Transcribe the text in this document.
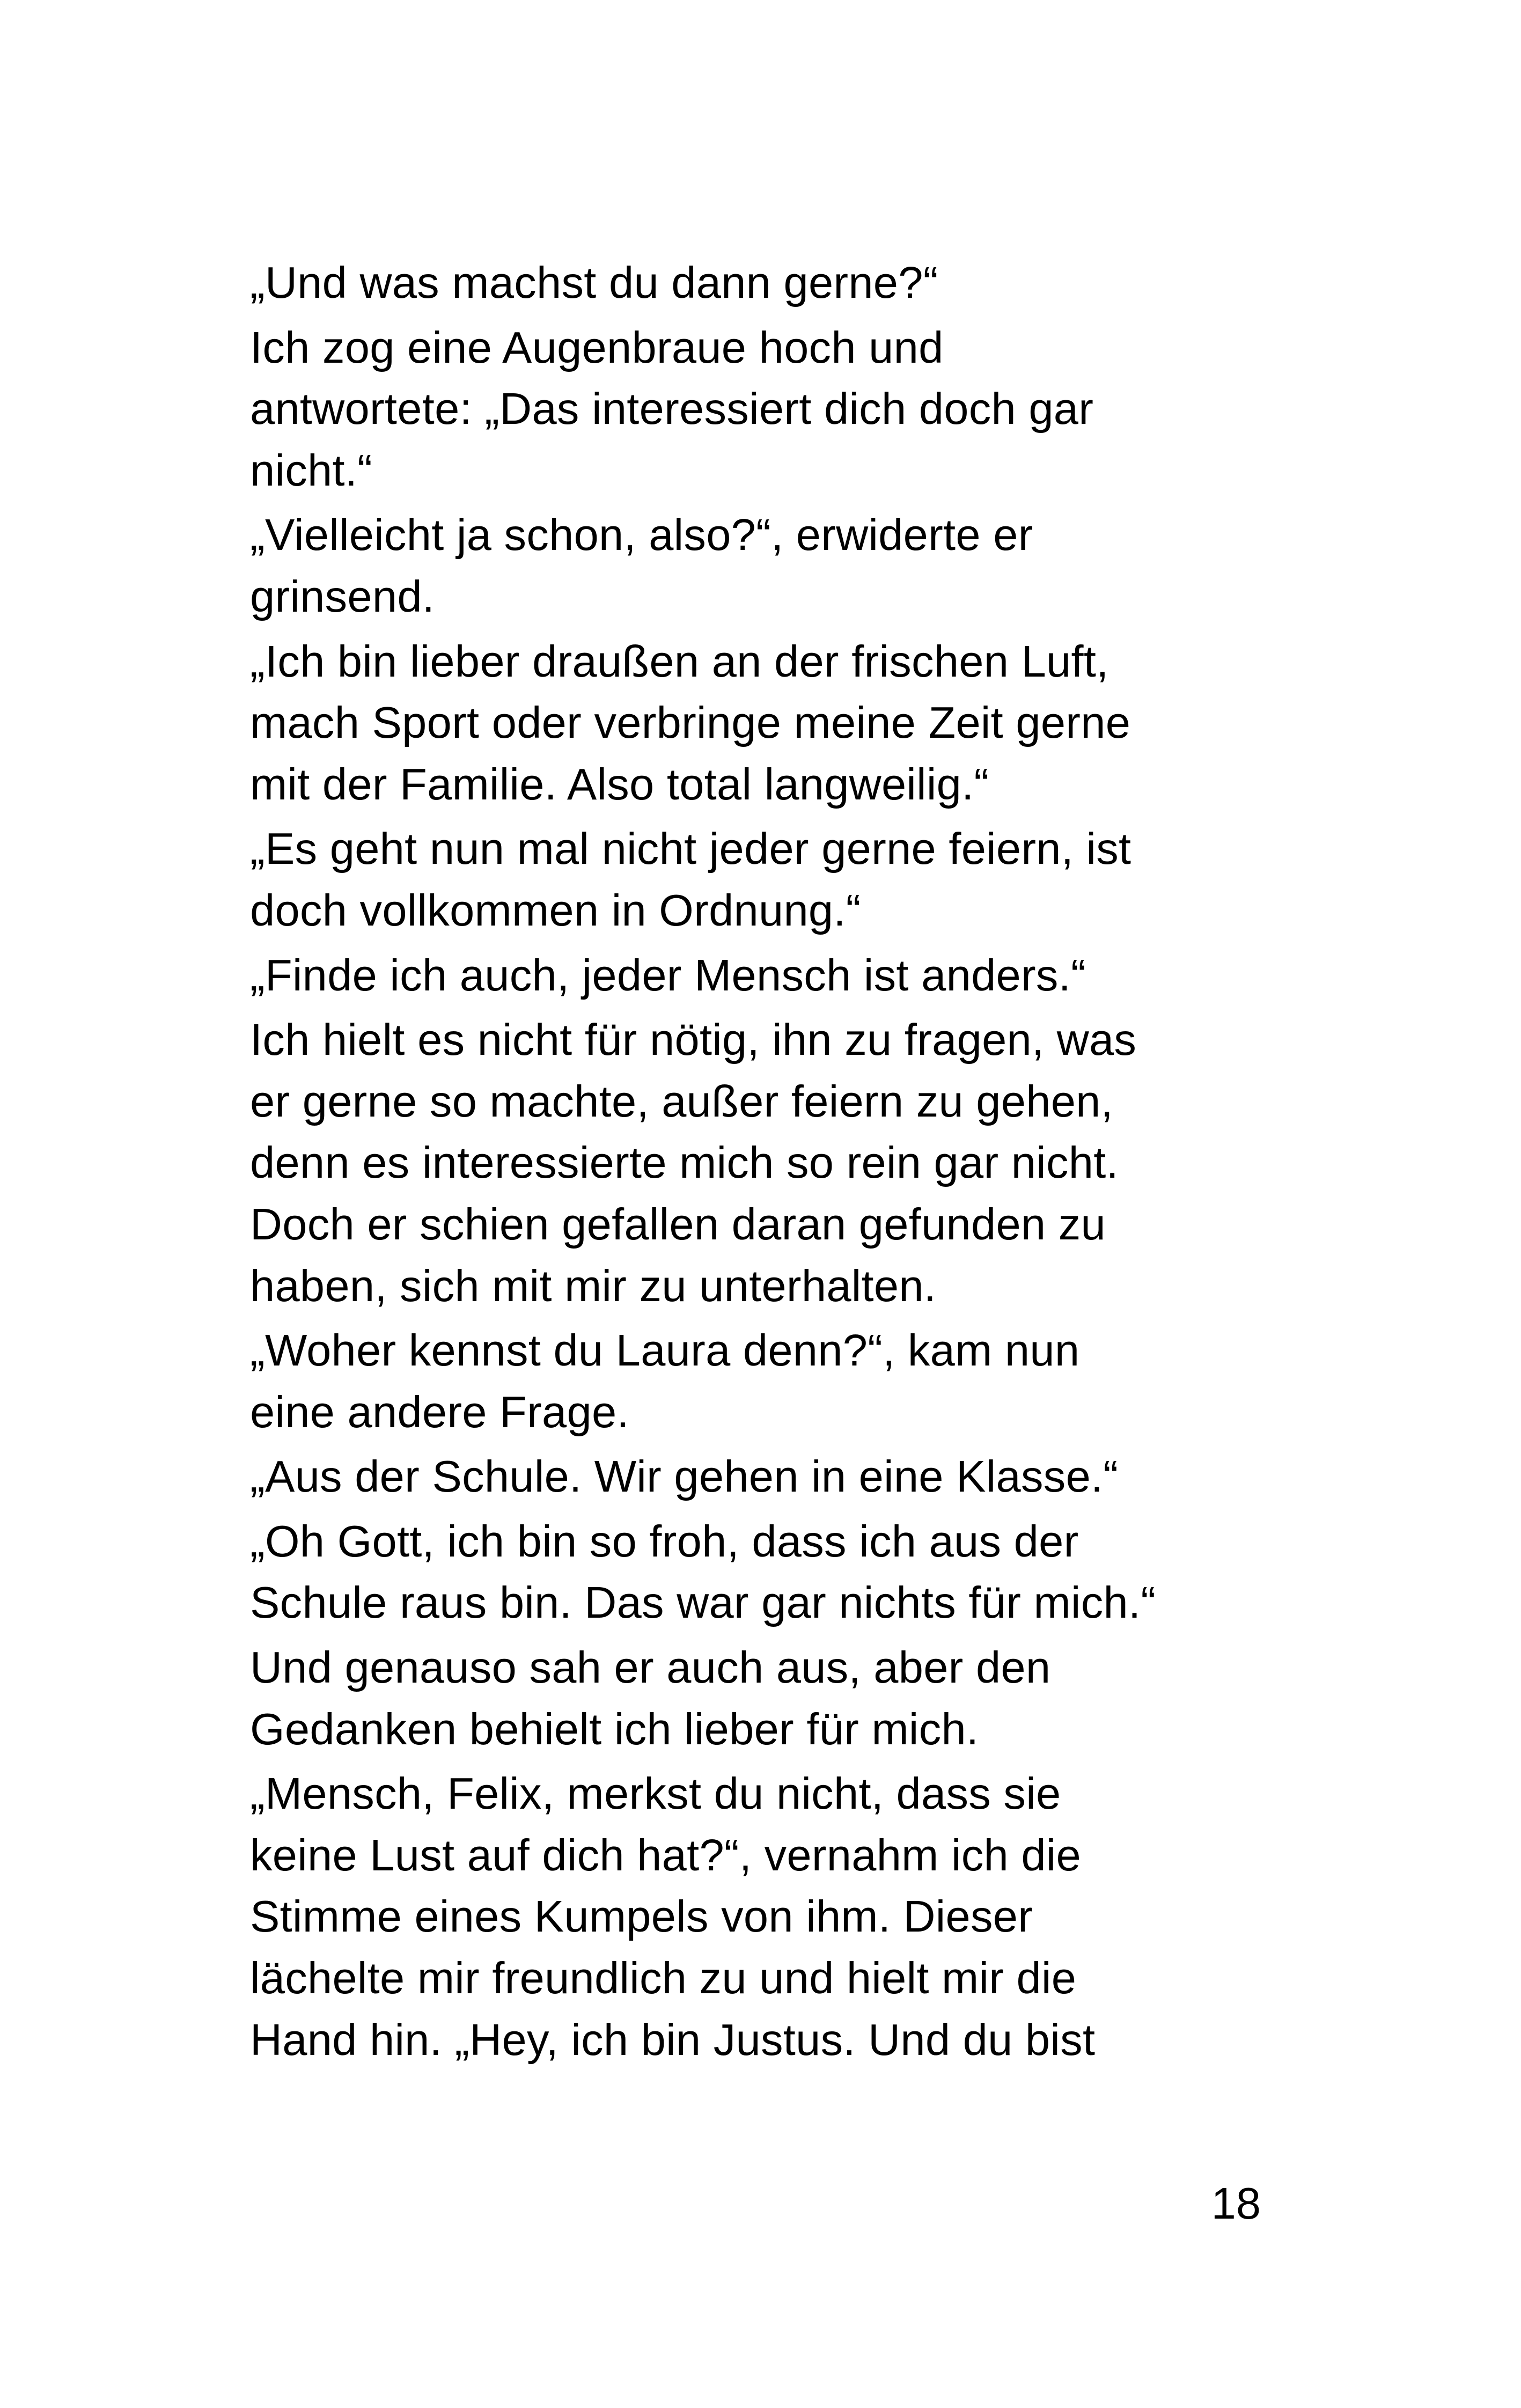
„Und was machst du dann gerne?“
Ich zog eine Augenbraue hoch und
antwortete: „Das interessiert dich doch gar
nicht.“
„Vielleicht ja schon, also?“, erwiderte er
grinsend.
„Ich bin lieber draußen an der frischen Luft,
mach Sport oder verbringe meine Zeit gerne
mit der Familie. Also total langweilig.“
„Es geht nun mal nicht jeder gerne feiern, ist
doch vollkommen in Ordnung.“
„Finde ich auch, jeder Mensch ist anders.“
Ich hielt es nicht für nötig, ihn zu fragen, was
er gerne so machte, außer feiern zu gehen,
denn es interessierte mich so rein gar nicht.
Doch er schien gefallen daran gefunden zu
haben, sich mit mir zu unterhalten.
„Woher kennst du Laura denn?“, kam nun
eine andere Frage.
„Aus der Schule. Wir gehen in eine Klasse.“
„Oh Gott, ich bin so froh, dass ich aus der
Schule raus bin. Das war gar nichts für mich.“
Und genauso sah er auch aus, aber den
Gedanken behielt ich lieber für mich.
„Mensch, Felix, merkst du nicht, dass sie
keine Lust auf dich hat?“, vernahm ich die
Stimme eines Kumpels von ihm. Dieser
lächelte mir freundlich zu und hielt mir die
Hand hin. „Hey, ich bin Justus. Und du bist
18
